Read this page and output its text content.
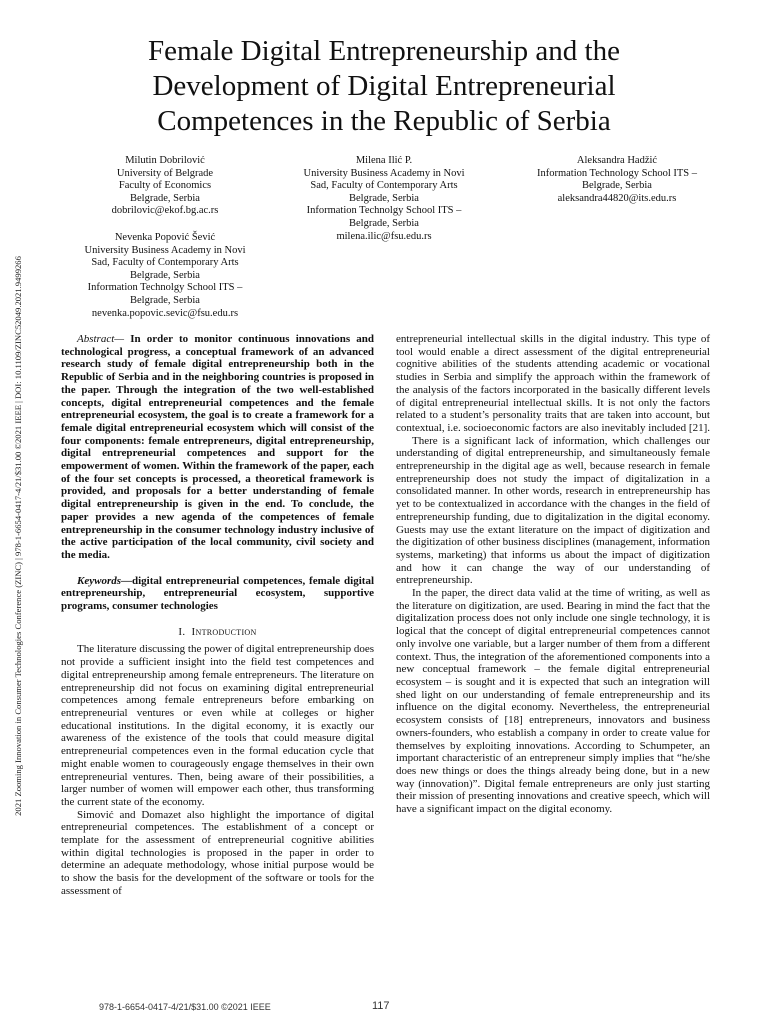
Female Digital Entrepreneurship and the Development of Digital Entrepreneurial Competences in the Republic of Serbia
Milutin Dobrilović
University of Belgrade
Faculty of Economics
Belgrade, Serbia
dobrilovic@ekof.bg.ac.rs
Milena Ilić P.
University Business Academy in Novi
Sad, Faculty of Contemporary Arts
Belgrade, Serbia
Information Technolgy School ITS –
Belgrade, Serbia
milena.ilic@fsu.edu.rs
Aleksandra Hadžić
Information Technology School ITS –
Belgrade, Serbia
aleksandra44820@its.edu.rs
Nevenka Popović Šević
University Business Academy in Novi
Sad, Faculty of Contemporary Arts
Belgrade, Serbia
Information Technolgy School ITS –
Belgrade, Serbia
nevenka.popovic.sevic@fsu.edu.rs
2021 Zooming Innovation in Consumer Technologies Conference (ZINC) | 978-1-6654-0417-4/21/$31.00 ©2021 IEEE | DOI: 10.1109/ZINC52049.2021.9499266	Abstract— In order to monitor continuous innovations and technological progress, a conceptual framework of an advanced research study of female digital entrepreneurship both in the Republic of Serbia and in the neighboring countries is proposed in the paper. Through the integration of the two well-established concepts, digital entrepreneurial competences and the female entrepreneurial ecosystem, the goal is to create a framework for a female digital entrepreneurial ecosystem which will consist of the four components: female entrepreneurs, digital entrepreneurship, digital entrepreneurial competences and support for the empowerment of women. Within the framework of the paper, each of the four set concepts is processed, a theoretical framework is provided, and proposals for a better understanding of female digital entrepreneurship is given in the end. To conclude, the paper provides a new agenda of the competences of female entrepreneurship in the consumer technology industry inclusive of the active participation of the local community, civil society and the media.

Keywords—digital entrepreneurial competences, female digital entrepreneurship, entrepreneurial ecosystem, supportive programs, consumer technologies

I. Introduction

The literature discussing the power of digital entrepreneurship does not provide a sufficient insight into the field test competences and digital entrepreneurship among female entrepreneurs. The literature on entrepreneurship did not focus on examining digital entrepreneurial competences among female entrepreneurs before embarking on entrepreneurial ventures or even while at colleges or higher educational institutions. In the digital economy, it is exactly our awareness of the existence of the tools that could measure digital entrepreneurial competences even in the formal education cycle that might enable women to courageously engage themselves in their own entrepreneurial ventures. Then, being aware of their possibilities, a larger number of women will empower each other, thus transforming the current state of the economy.

Simović and Domazet also highlight the importance of digital entrepreneurial competences. The establishment of a concept or template for the assessment of entrepreneurial cognitive abilities within digital technologies is proposed in the paper in order to determine an adequate methodology, whose initial purpose would be to show the basis for the development of the software or tools for the assessment of

entrepreneurial intellectual skills in the digital industry. This type of tool would enable a direct assessment of the digital entrepreneurial cognitive abilities of the students attending academic or vocational studies in Serbia and simplify the approach within the framework of the analysis of the factors incorporated in the basically different levels of digital entrepreneurial intellectual skills. It is not only the factors related to a student’s personality traits that are taken into account, but contextual, i.e. socioeconomic factors are also inevitably included [21].

There is a significant lack of information, which challenges our understanding of digital entrepreneurship, and simultaneously female entrepreneurship in the digital age as well, because research in female entrepreneurship does not study the impact of digitalization in a consolidated manner. In other words, research in entrepreneurship has yet to be contextualized in accordance with the changes in the field of entrepreneurship funding, due to digitalization in the digital economy. Guests may use the extant literature on the impact of digitization and the digitization of other business disciplines (management, information systems, marketing) that informs us about the impact of digitization and how it can change the way of our understanding of entrepreneurship.

In the paper, the direct data valid at the time of writing, as well as the literature on digitization, are used. Bearing in mind the fact that the digitalization process does not only include one single technology, it is logical that the concept of digital entrepreneurial competences cannot only involve one variable, but a larger number of them from a different context. Thus, the integration of the aforementioned components into a new conceptual framework – the female digital entrepreneurial ecosystem – is sought and it is expected that such an integration will shed light on our understanding of female entrepreneurship and its influence on the digital economy. Nevertheless, the entrepreneurial ecosystem consists of [18] entrepreneurs, innovators and business owners-founders, who establish a company in order to create value for themselves by exploiting innovations. According to Schumpeter, an important characteristic of an entrepreneur simply implies that “he/she does new things or does the things already being done, but in a new way (innovation)”. Digital female entrepreneurs are only just starting their mission of presenting innovations and creative speech, which will have a significant impact on the digital economy.

978-1-6654-0417-4/21/$31.00 ©2021 IEEE	117
